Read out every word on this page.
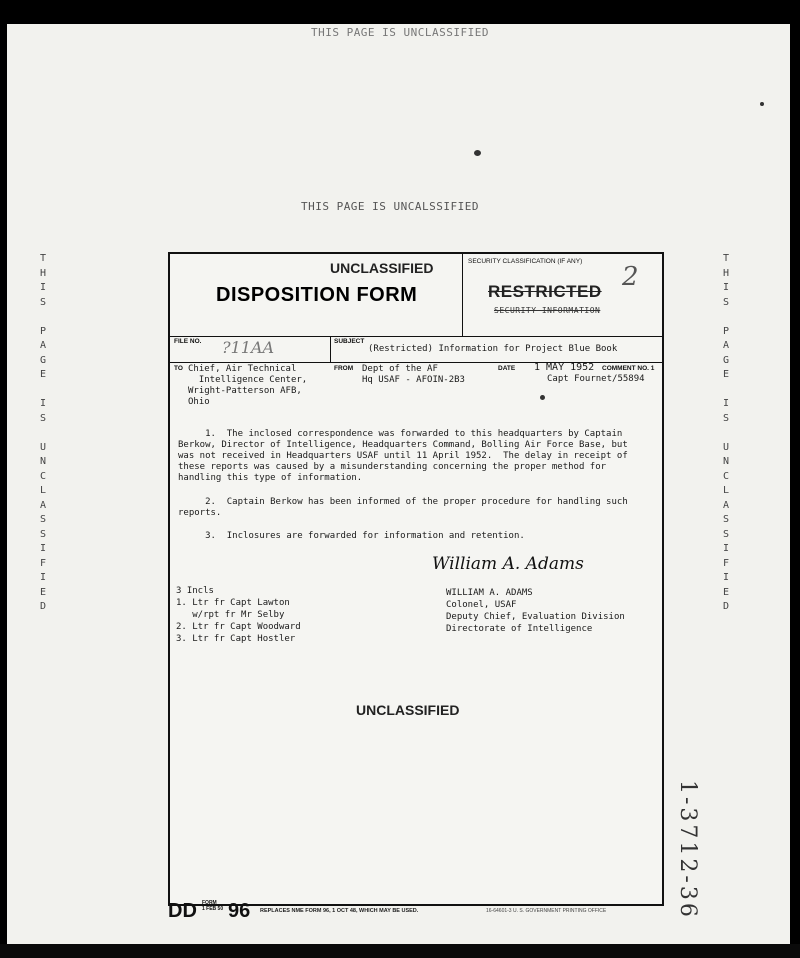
THIS PAGE IS UNCLASSIFIED
THIS PAGE IS UNCALSSIFIED
T
H
I
S

P
A
G
E

I
S

U
N
C
L
A
S
S
I
F
I
E
D
T
H
I
S

P
A
G
E

I
S

U
N
C
L
A
S
S
I
F
I
E
D
UNCLASSIFIED
DISPOSITION FORM
SECURITY CLASSIFICATION (IF ANY)
RESTRICTED
SECURITY INFORMATION
2
FILE NO. ?11AA	SUBJECT
(Restricted) Information for Project Blue Book
TO Chief, Air Technical
Intelligence Center,
Wright-Patterson AFB,
Ohio
FROM Dept of the AF
Hq USAF - AFOIN-2B3
DATE 1 MAY 1952 COMMENT NO. 1
Capt Fournet/55894
1.  The inclosed correspondence was forwarded to this headquarters by Captain
Berkow, Director of Intelligence, Headquarters Command, Bolling Air Force Base, but
was not received in Headquarters USAF until 11 April 1952.  The delay in receipt of
these reports was caused by a misunderstanding concerning the proper method for
handling this type of information.
2.  Captain Berkow has been informed of the proper procedure for handling such
reports.
3.  Inclosures are forwarded for information and retention.
William A. Adams
WILLIAM A. ADAMS
Colonel, USAF
Deputy Chief, Evaluation Division
Directorate of Intelligence
3 Incls
1. Ltr fr Capt Lawton
w/rpt fr Mr Selby
2. Ltr fr Capt Woodward
3. Ltr fr Capt Hostler
UNCLASSIFIED
DD FORM
1 FEB 50 96 REPLACES NME FORM 96, 1 OCT 48, WHICH MAY BE USED.	16-64601-3 U. S. GOVERNMENT PRINTING OFFICE	1-3712-36
